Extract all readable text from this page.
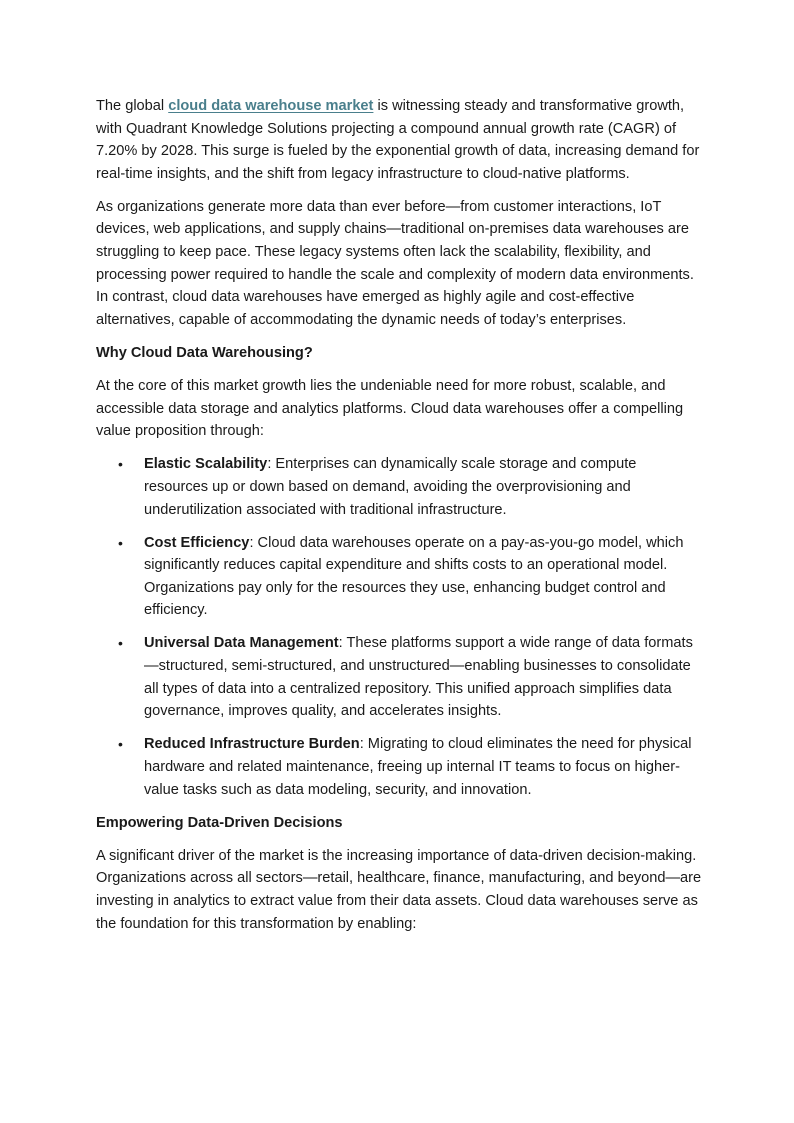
The global cloud data warehouse market is witnessing steady and transformative growth, with Quadrant Knowledge Solutions projecting a compound annual growth rate (CAGR) of 7.20% by 2028. This surge is fueled by the exponential growth of data, increasing demand for real-time insights, and the shift from legacy infrastructure to cloud-native platforms.

As organizations generate more data than ever before—from customer interactions, IoT devices, web applications, and supply chains—traditional on-premises data warehouses are struggling to keep pace. These legacy systems often lack the scalability, flexibility, and processing power required to handle the scale and complexity of modern data environments. In contrast, cloud data warehouses have emerged as highly agile and cost-effective alternatives, capable of accommodating the dynamic needs of today’s enterprises.

Why Cloud Data Warehousing?

At the core of this market growth lies the undeniable need for more robust, scalable, and accessible data storage and analytics platforms. Cloud data warehouses offer a compelling value proposition through:

• Elastic Scalability: Enterprises can dynamically scale storage and compute resources up or down based on demand, avoiding the overprovisioning and underutilization associated with traditional infrastructure.
• Cost Efficiency: Cloud data warehouses operate on a pay-as-you-go model, which significantly reduces capital expenditure and shifts costs to an operational model. Organizations pay only for the resources they use, enhancing budget control and efficiency.
• Universal Data Management: These platforms support a wide range of data formats—structured, semi-structured, and unstructured—enabling businesses to consolidate all types of data into a centralized repository. This unified approach simplifies data governance, improves quality, and accelerates insights.
• Reduced Infrastructure Burden: Migrating to cloud eliminates the need for physical hardware and related maintenance, freeing up internal IT teams to focus on higher-value tasks such as data modeling, security, and innovation.

Empowering Data-Driven Decisions

A significant driver of the market is the increasing importance of data-driven decision-making. Organizations across all sectors—retail, healthcare, finance, manufacturing, and beyond—are investing in analytics to extract value from their data assets. Cloud data warehouses serve as the foundation for this transformation by enabling:
